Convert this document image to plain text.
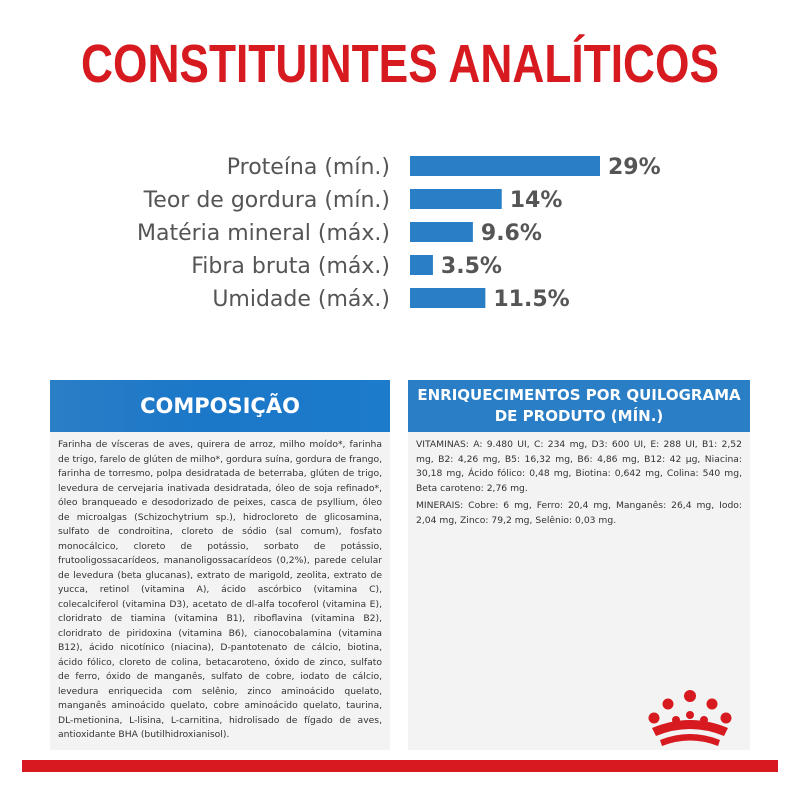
CONSTITUINTES ANALÍTICOS
Proteína (mín.)	29%
Teor de gordura (mín.)	14%
Matéria mineral (máx.)	9.6%
Fibra bruta (máx.) 3.5%
Umidade (máx.)	11.5%
COMPOSIÇÃO
Farinha de vísceras de aves, quirera de arroz, milho moído*, farinha de trigo, farelo de glúten de milho*, gordura suína, gordura de frango, farinha de torresmo, polpa desidratada de beterraba, glúten de trigo, levedura de cervejaria inativada desidratada, óleo de soja refinado*, óleo branqueado e desodorizado de peixes, casca de psyllium, óleo de microalgas (Schizochytrium sp.), hidrocloreto de glicosamina, sulfato de condroitina, cloreto de sódio (sal comum), fosfato monocálcico, cloreto de potássio, sorbato de potássio, frutooligossacarídeos, mananoligossacarídeos (0,2%), parede celular de levedura (beta glucanas), extrato de marigold, zeolita, extrato de yucca, retinol (vitamina A), ácido ascórbico (vitamina C), colecalciferol (vitamina D3), acetato de dl-alfa tocoferol (vitamina E), cloridrato de tiamina (vitamina B1), riboflavina (vitamina B2), cloridrato de piridoxina (vitamina B6), cianocobalamina (vitamina B12), ácido nicotínico (niacina), D-pantotenato de cálcio, biotina, ácido fólico, cloreto de colina, betacaroteno, óxido de zinco, sulfato de ferro, óxido de manganês, sulfato de cobre, iodato de cálcio, levedura enriquecida com selênio, zinco aminoácido quelato, manganês aminoácido quelato, cobre aminoácido quelato, taurina, DL-metionina, L-lisina, L-carnitina, hidrolisado de fígado de aves, antioxidante BHA (butilhidroxianisol).
ENRIQUECIMENTOS POR QUILOGRAMA
DE PRODUTO (MÍN.)

VITAMINAS: A: 9.480 UI, C: 234 mg, D3: 600 UI, E: 288 UI, B1: 2,52 mg, B2: 4,26 mg, B5: 16,32 mg, B6: 4,86 mg, B12: 42 µg, Niacina: 30,18 mg, Ácido fólico: 0,48 mg, Biotina: 0,642 mg, Colina: 540 mg, Beta caroteno: 2,76 mg.

MINERAIS: Cobre: 6 mg, Ferro: 20,4 mg, Manganês: 26,4 mg, Iodo: 2,04 mg, Zinco: 79,2 mg, Selênio: 0,03 mg.
